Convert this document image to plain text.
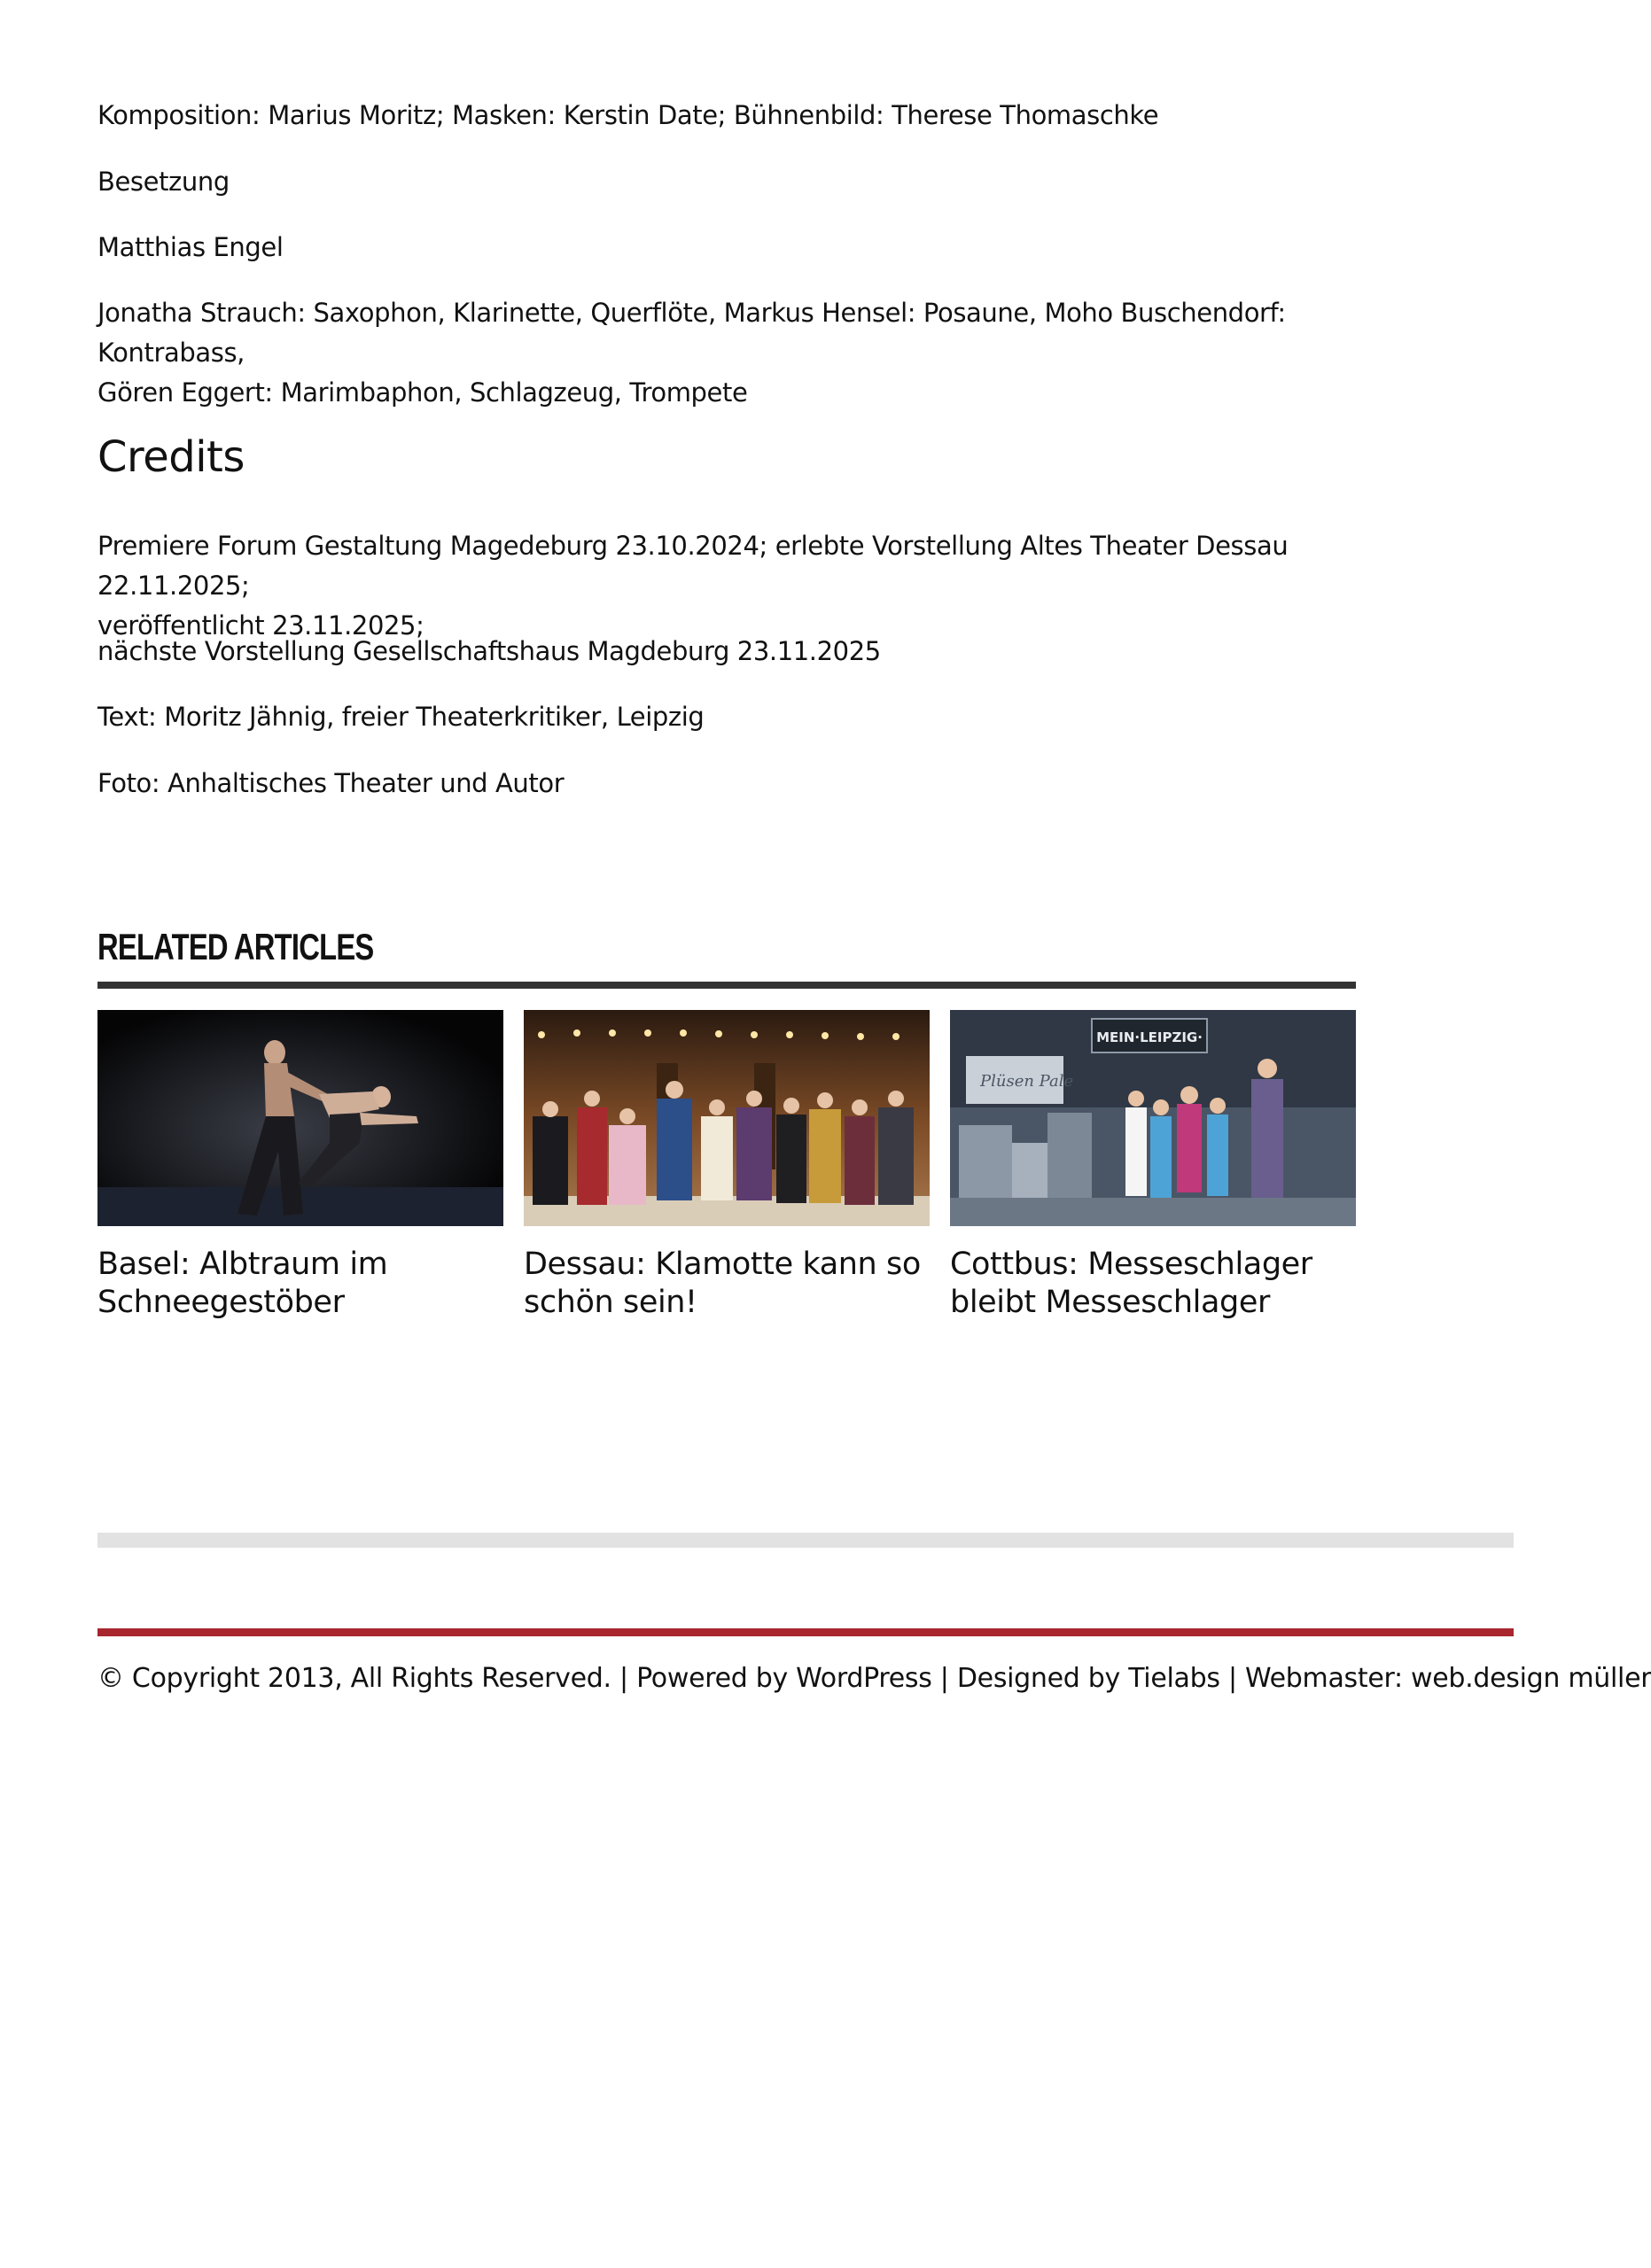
Komposition: Marius Moritz; Masken: Kerstin Date; Bühnenbild: Therese Thomaschke

Besetzung

Matthias Engel

Jonatha Strauch: Saxophon, Klarinette, Querflöte, Markus Hensel: Posaune, Moho Buschendorf: Kontrabass,
Gören Eggert: Marimbaphon, Schlagzeug, Trompete
Credits
Premiere Forum Gestaltung Magedeburg 23.10.2024; erlebte Vorstellung Altes Theater Dessau 22.11.2025;
veröffentlicht 23.11.2025;

nächste Vorstellung Gesellschaftshaus Magdeburg 23.11.2025

Text: Moritz Jähnig, freier Theaterkritiker, Leipzig

Foto: Anhaltisches Theater und Autor

RELATED ARTICLES
Basel: Albtraum im Schneegestöber
Dessau: Klamotte kann so schön sein!
MEIN·LEIPZIG·
Plüsen Pale
Cottbus: Messeschlager bleibt Messeschlager
© Copyright 2013, All Rights Reserved. | Powered by WordPress | Designed by Tielabs | Webmaster: web.design müller
